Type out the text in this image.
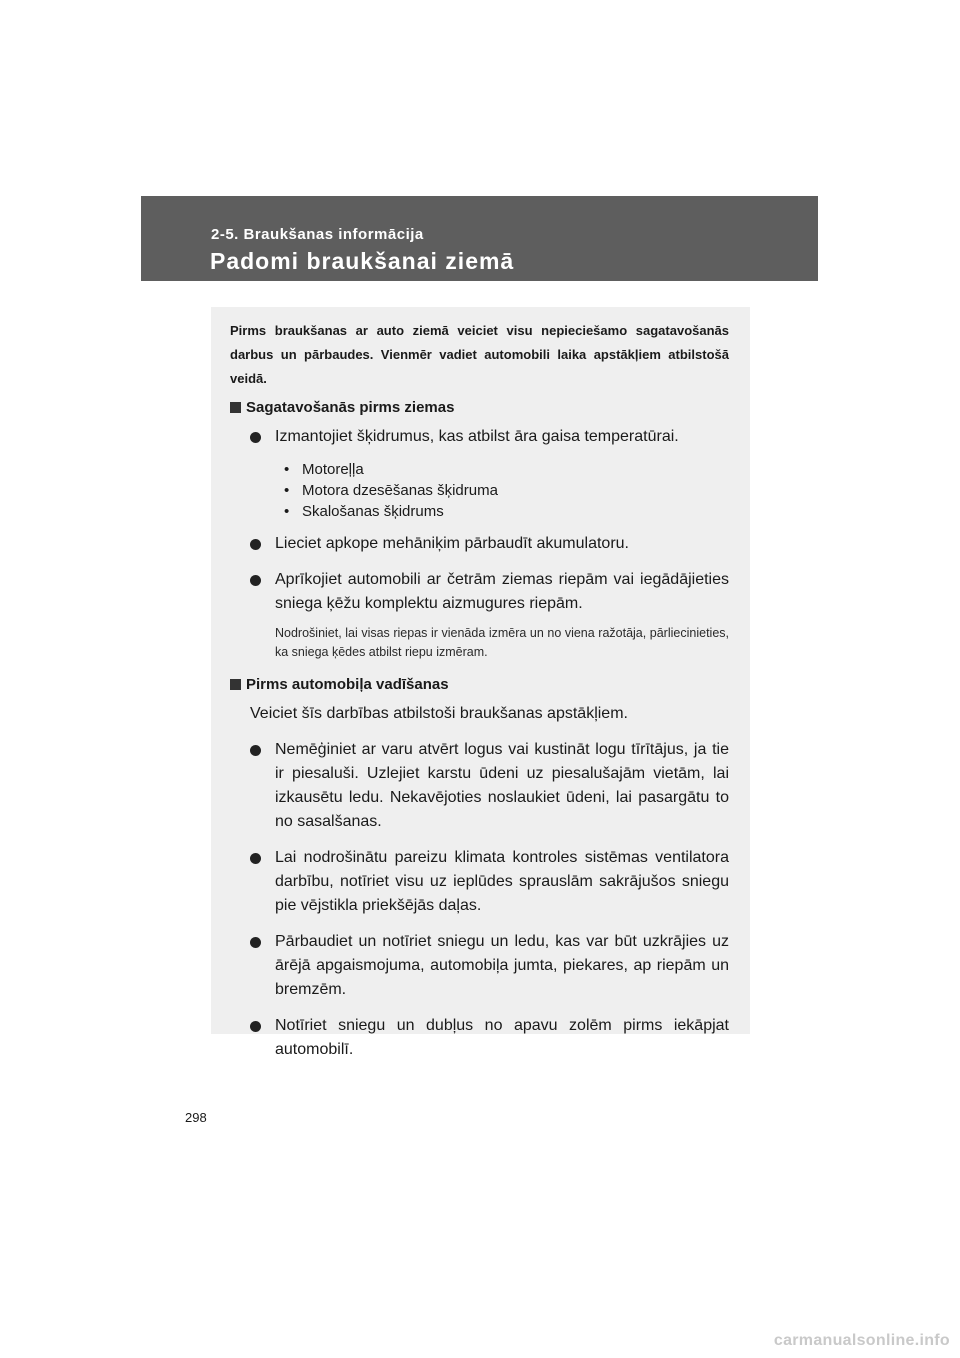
2-5. Braukšanas informācija
Padomi braukšanai ziemā

Pirms braukšanas ar auto ziemā veiciet visu nepieciešamo sagatavošanās darbus un pārbaudes. Vienmēr vadiet automobili laika apstākļiem atbilstošā veidā.

Sagatavošanās pirms ziemas
Izmantojiet šķidrumus, kas atbilst āra gaisa temperatūrai.
• Motoreļļa
• Motora dzesēšanas šķidruma
• Skalošanas šķidrums
Lieciet apkope mehāniķim pārbaudīt akumulatoru.
Aprīkojiet automobili ar četrām ziemas riepām vai iegādājieties sniega ķēžu komplektu aizmugures riepām.

Nodrošiniet, lai visas riepas ir vienāda izmēra un no viena ražotāja, pārliecinieties, ka sniega ķēdes atbilst riepu izmēram.

Pirms automobiļa vadīšanas

Veiciet šīs darbības atbilstoši braukšanas apstākļiem.

Nemēģiniet ar varu atvērt logus vai kustināt logu tīrītājus, ja tie ir piesaluši. Uzlejiet karstu ūdeni uz piesalušajām vietām, lai izkausētu ledu. Nekavējoties noslaukiet ūdeni, lai pasargātu to no sasalšanas.
Lai nodrošinātu pareizu klimata kontroles sistēmas ventilatora darbību, notīriet visu uz ieplūdes sprauslām sakrājušos sniegu pie vējstikla priekšējās daļas.
Pārbaudiet un notīriet sniegu un ledu, kas var būt uzkrājies uz ārējā apgaismojuma, automobiļa jumta, piekares, ap riepām un bremzēm.
Notīriet sniegu un dubļus no apavu zolēm pirms iekāpjat automobilī.
298
carmanualsonline.info
